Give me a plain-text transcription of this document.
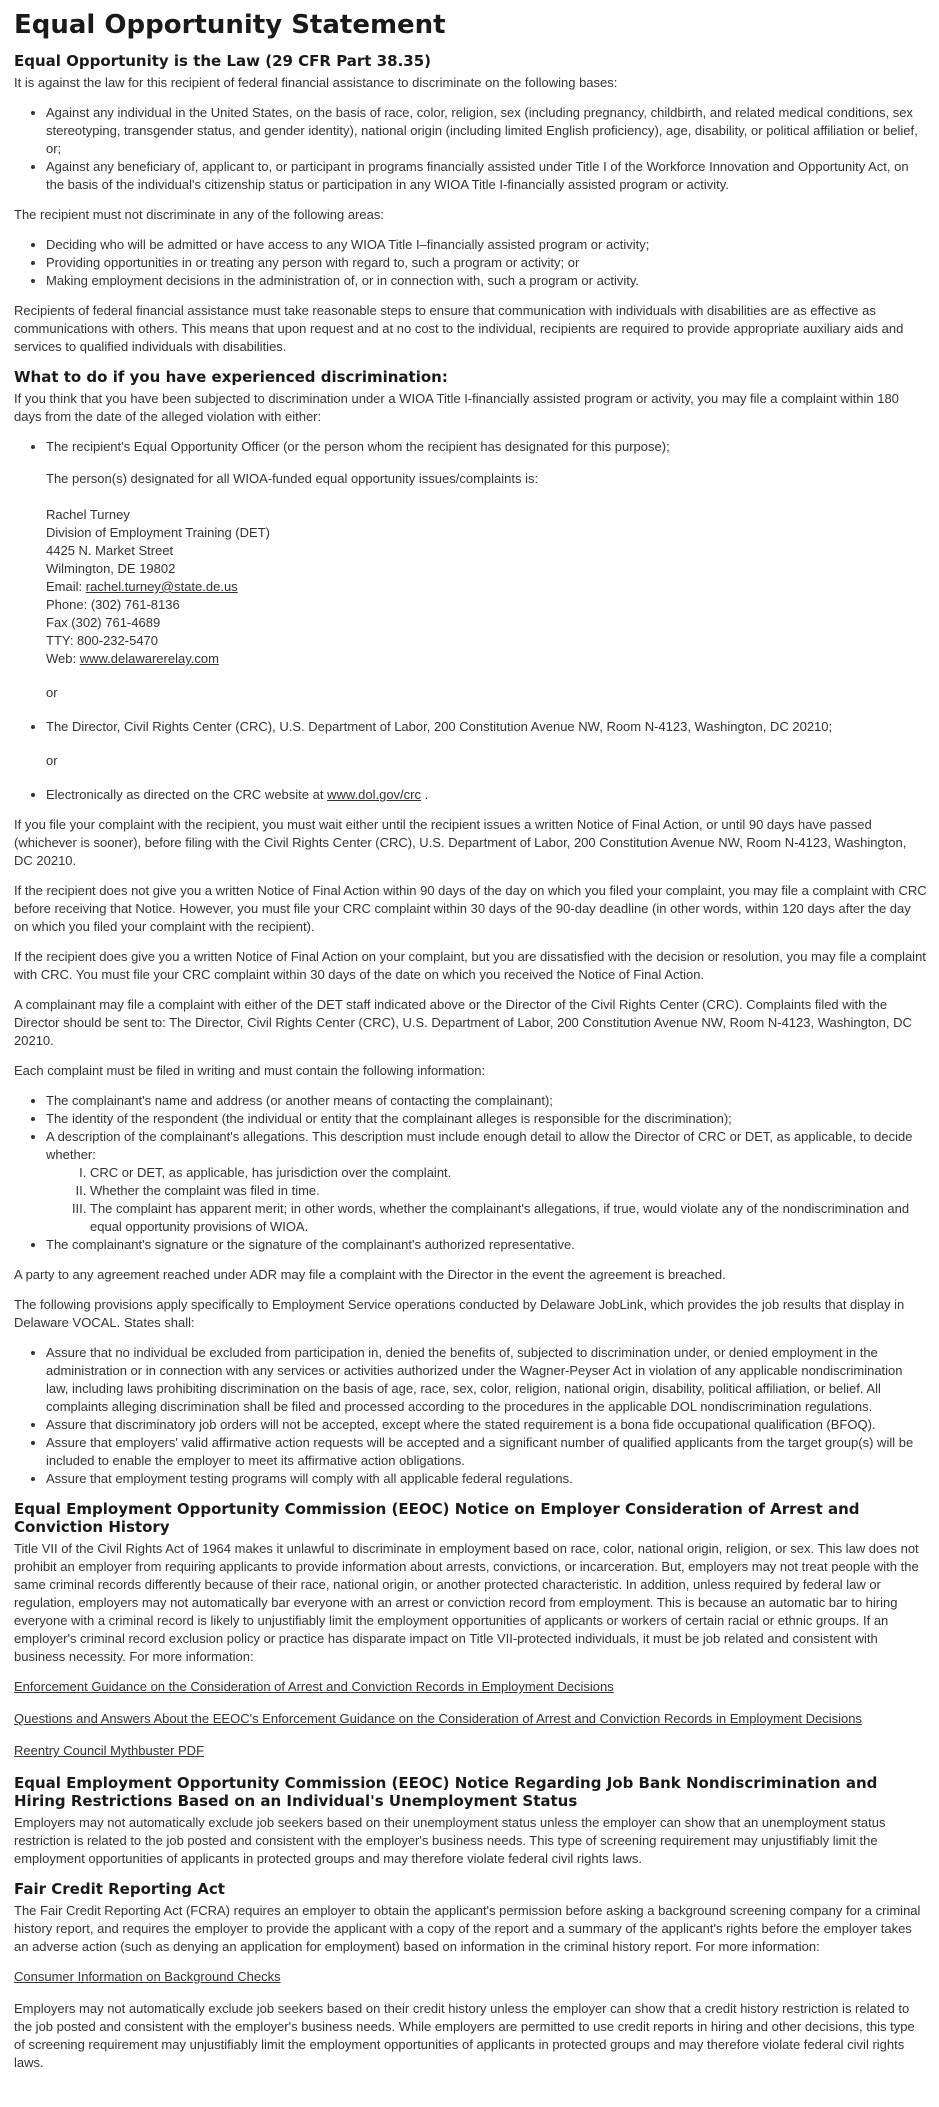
Equal Opportunity Statement
Equal Opportunity is the Law (29 CFR Part 38.35)

It is against the law for this recipient of federal financial assistance to discriminate on the following bases:

• Against any individual in the United States, on the basis of race, color, religion, sex (including pregnancy, childbirth, and related medical conditions, sex stereotyping, transgender status, and gender identity), national origin (including limited English proficiency), age, disability, or political affiliation or belief, or;
• Against any beneficiary of, applicant to, or participant in programs financially assisted under Title I of the Workforce Innovation and Opportunity Act, on the basis of the individual's citizenship status or participation in any WIOA Title I-financially assisted program or activity.

The recipient must not discriminate in any of the following areas:

• Deciding who will be admitted or have access to any WIOA Title I–financially assisted program or activity;
• Providing opportunities in or treating any person with regard to, such a program or activity; or
• Making employment decisions in the administration of, or in connection with, such a program or activity.

Recipients of federal financial assistance must take reasonable steps to ensure that communication with individuals with disabilities are as effective as communications with others. This means that upon request and at no cost to the individual, recipients are required to provide appropriate auxiliary aids and services to qualified individuals with disabilities.

What to do if you have experienced discrimination:

If you think that you have been subjected to discrimination under a WIOA Title I-financially assisted program or activity, you may file a complaint within 180 days from the date of the alleged violation with either:

• The recipient's Equal Opportunity Officer (or the person whom the recipient has designated for this purpose);
The person(s) designated for all WIOA-funded equal opportunity issues/complaints is:
Rachel Turney
Division of Employment Training (DET)
4425 N. Market Street
Wilmington, DE 19802
Email: rachel.turney@state.de.us
Phone: (302) 761-8136
Fax (302) 761-4689
TTY: 800-232-5470
Web: www.delawarerelay.com
or
• The Director, Civil Rights Center (CRC), U.S. Department of Labor, 200 Constitution Avenue NW, Room N-4123, Washington, DC 20210;
or
• Electronically as directed on the CRC website at www.dol.gov/crc .

If you file your complaint with the recipient, you must wait either until the recipient issues a written Notice of Final Action, or until 90 days have passed (whichever is sooner), before filing with the Civil Rights Center (CRC), U.S. Department of Labor, 200 Constitution Avenue NW, Room N-4123, Washington, DC 20210.

If the recipient does not give you a written Notice of Final Action within 90 days of the day on which you filed your complaint, you may file a complaint with CRC before receiving that Notice. However, you must file your CRC complaint within 30 days of the 90-day deadline (in other words, within 120 days after the day on which you filed your complaint with the recipient).

If the recipient does give you a written Notice of Final Action on your complaint, but you are dissatisfied with the decision or resolution, you may file a complaint with CRC. You must file your CRC complaint within 30 days of the date on which you received the Notice of Final Action.

A complainant may file a complaint with either of the DET staff indicated above or the Director of the Civil Rights Center (CRC). Complaints filed with the Director should be sent to: The Director, Civil Rights Center (CRC), U.S. Department of Labor, 200 Constitution Avenue NW, Room N-4123, Washington, DC 20210.

Each complaint must be filed in writing and must contain the following information:

• The complainant's name and address (or another means of contacting the complainant);
• The identity of the respondent (the individual or entity that the complainant alleges is responsible for the discrimination);
• A description of the complainant's allegations. This description must include enough detail to allow the Director of CRC or DET, as applicable, to decide whether:
I. CRC or DET, as applicable, has jurisdiction over the complaint.
II. Whether the complaint was filed in time.
III. The complaint has apparent merit; in other words, whether the complainant's allegations, if true, would violate any of the nondiscrimination and equal opportunity provisions of WIOA.
• The complainant's signature or the signature of the complainant's authorized representative.

A party to any agreement reached under ADR may file a complaint with the Director in the event the agreement is breached.

The following provisions apply specifically to Employment Service operations conducted by Delaware JobLink, which provides the job results that display in Delaware VOCAL. States shall:

• Assure that no individual be excluded from participation in, denied the benefits of, subjected to discrimination under, or denied employment in the administration or in connection with any services or activities authorized under the Wagner-Peyser Act in violation of any applicable nondiscrimination law, including laws prohibiting discrimination on the basis of age, race, sex, color, religion, national origin, disability, political affiliation, or belief. All complaints alleging discrimination shall be filed and processed according to the procedures in the applicable DOL nondiscrimination regulations.
• Assure that discriminatory job orders will not be accepted, except where the stated requirement is a bona fide occupational qualification (BFOQ).
• Assure that employers' valid affirmative action requests will be accepted and a significant number of qualified applicants from the target group(s) will be included to enable the employer to meet its affirmative action obligations.
• Assure that employment testing programs will comply with all applicable federal regulations.
Equal Employment Opportunity Commission (EEOC) Notice on Employer Consideration of Arrest and Conviction History

Title VII of the Civil Rights Act of 1964 makes it unlawful to discriminate in employment based on race, color, national origin, religion, or sex. This law does not prohibit an employer from requiring applicants to provide information about arrests, convictions, or incarceration. But, employers may not treat people with the same criminal records differently because of their race, national origin, or another protected characteristic. In addition, unless required by federal law or regulation, employers may not automatically bar everyone with an arrest or conviction record from employment. This is because an automatic bar to hiring everyone with a criminal record is likely to unjustifiably limit the employment opportunities of applicants or workers of certain racial or ethnic groups. If an employer's criminal record exclusion policy or practice has disparate impact on Title VII-protected individuals, it must be job related and consistent with business necessity. For more information:

Enforcement Guidance on the Consideration of Arrest and Conviction Records in Employment Decisions

Questions and Answers About the EEOC's Enforcement Guidance on the Consideration of Arrest and Conviction Records in Employment Decisions

Reentry Council Mythbuster PDF

Equal Employment Opportunity Commission (EEOC) Notice Regarding Job Bank Nondiscrimination and Hiring Restrictions Based on an Individual's Unemployment Status

Employers may not automatically exclude job seekers based on their unemployment status unless the employer can show that an unemployment status restriction is related to the job posted and consistent with the employer's business needs. This type of screening requirement may unjustifiably limit the employment opportunities of applicants in protected groups and may therefore violate federal civil rights laws.

Fair Credit Reporting Act

The Fair Credit Reporting Act (FCRA) requires an employer to obtain the applicant's permission before asking a background screening company for a criminal history report, and requires the employer to provide the applicant with a copy of the report and a summary of the applicant's rights before the employer takes an adverse action (such as denying an application for employment) based on information in the criminal history report. For more information:

Consumer Information on Background Checks

Employers may not automatically exclude job seekers based on their credit history unless the employer can show that a credit history restriction is related to the job posted and consistent with the employer's business needs. While employers are permitted to use credit reports in hiring and other decisions, this type of screening requirement may unjustifiably limit the employment opportunities of applicants in protected groups and may therefore violate federal civil rights laws.
